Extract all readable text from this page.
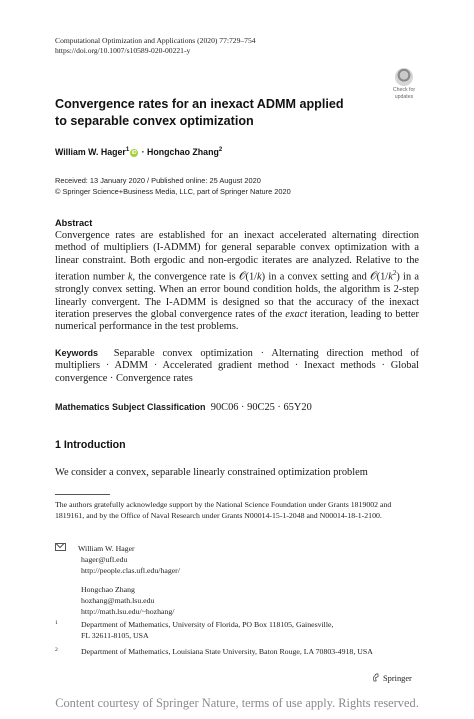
Computational Optimization and Applications (2020) 77:729–754
https://doi.org/10.1007/s10589-020-00221-y
Check for
updates
Convergence rates for an inexact ADMM applied
to separable convex optimization
William W. Hager$^1$ iD · Hongchao Zhang$^2$
Received: 13 January 2020 / Published online: 25 August 2020
© Springer Science+Business Media, LLC, part of Springer Nature 2020
Abstract
Convergence rates are established for an inexact accelerated alternating direction method of multipliers (I-ADMM) for general separable convex optimization with a linear constraint. Both ergodic and non-ergodic iterates are analyzed. Relative to the iteration number k, the convergence rate is 𝒪(1/k) in a convex setting and $𝒪(1/k^2)$ in a strongly convex setting. When an error bound condition holds, the algorithm is 2-step linearly convergent. The I-ADMM is designed so that the accuracy of the inexact iteration preserves the global convergence rates of the exact iteration, leading to better numerical performance in the test problems.
Keywords Separable convex optimization · Alternating direction method of multipliers · ADMM · Accelerated gradient method · Inexact methods · Global convergence · Convergence rates
Mathematics Subject Classification 90C06 · 90C25 · 65Y20
1 Introduction
We consider a convex, separable linearly constrained optimization problem
The authors gratefully acknowledge support by the National Science Foundation under Grants 1819002 and 1819161, and by the Office of Naval Research under Grants N00014-15-1-2048 and N00014-18-1-2100.
William W. Hager
hager@ufl.edu
http://people.clas.ufl.edu/hager/
Hongchao Zhang
hozhang@math.lsu.edu
http://math.lsu.edu/~hozhang/
1	Department of Mathematics, University of Florida, PO Box 118105, Gainesville,
FL 32611-8105, USA
2	Department of Mathematics, Louisiana State University, Baton Rouge, LA 70803-4918, USA
Springer
Content courtesy of Springer Nature, terms of use apply. Rights reserved.
